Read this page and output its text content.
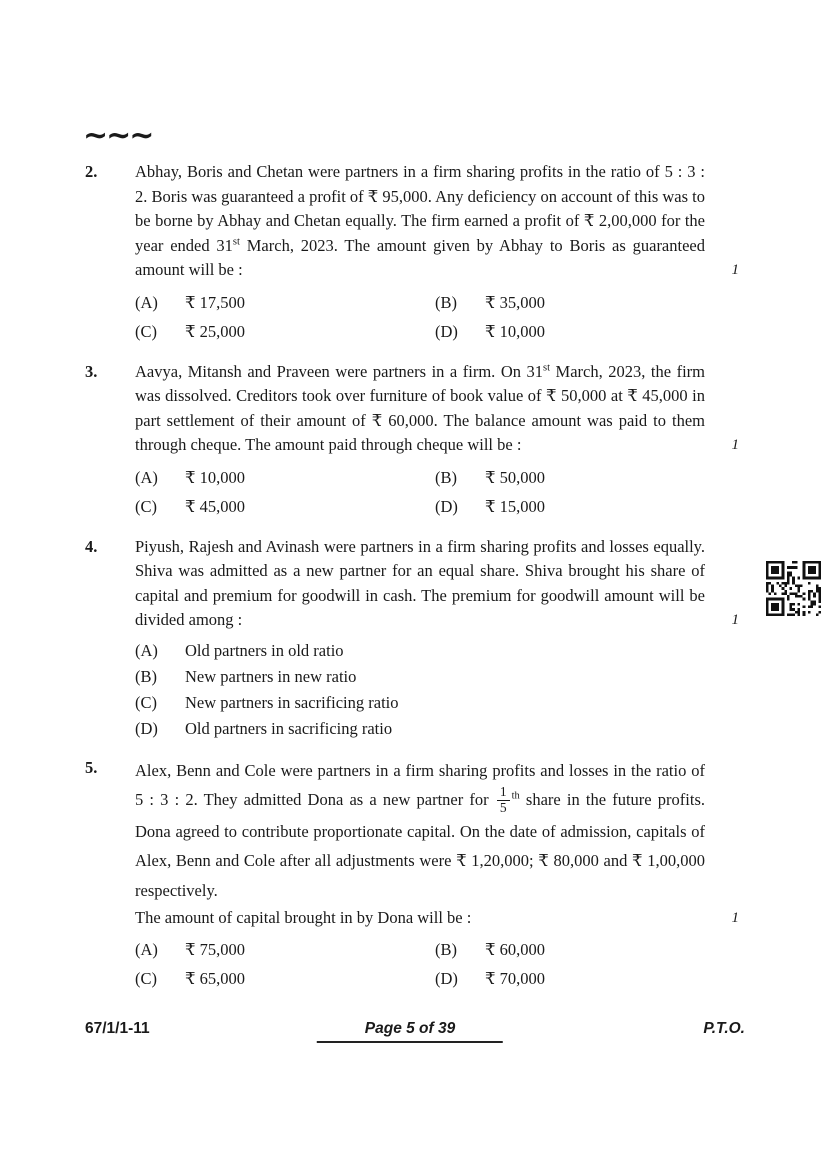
∼∼∼
2.	Abhay, Boris and Chetan were partners in a firm sharing profits in the ratio of 5 : 3 : 2. Boris was guaranteed a profit of ₹ 95,000. Any deficiency on account of this was to be borne by Abhay and Chetan equally. The firm earned a profit of ₹ 2,00,000 for the year ended 31st March, 2023. The amount given by Abhay to Boris as guaranteed amount will be :	1

(A)	₹ 17,500	(B)	₹ 35,000
(C)	₹ 25,000	(D)	₹ 10,000
3.	Aavya, Mitansh and Praveen were partners in a firm. On 31st March, 2023, the firm was dissolved. Creditors took over furniture of book value of ₹ 50,000 at ₹ 45,000 in part settlement of their amount of ₹ 60,000. The balance amount was paid to them through cheque. The amount paid through cheque will be :	1

(A)	₹ 10,000	(B)	₹ 50,000
(C)	₹ 45,000	(D)	₹ 15,000
4.	Piyush, Rajesh and Avinash were partners in a firm sharing profits and losses equally. Shiva was admitted as a new partner for an equal share. Shiva brought his share of capital and premium for goodwill in cash. The premium for goodwill amount will be divided among :	1

(A)	Old partners in old ratio
(B)	New partners in new ratio
(C)	New partners in sacrificing ratio
(D)	Old partners in sacrificing ratio
5.	Alex, Benn and Cole were partners in a firm sharing profits and losses in the ratio of 5 : 3 : 2. They admitted Dona as a new partner for $\frac{1}{5} ^{th}$ share in the future profits. Dona agreed to contribute proportionate capital. On the date of admission, capitals of Alex, Benn and Cole after all adjustments were ₹ 1,20,000; ₹ 80,000 and ₹ 1,00,000 respectively.

The amount of capital brought in by Dona will be :	1

(A)	₹ 75,000	(B)	₹ 60,000
(C)	₹ 65,000	(D)	₹ 70,000
67/1/1-11	Page 5 of 39	P.T.O.
